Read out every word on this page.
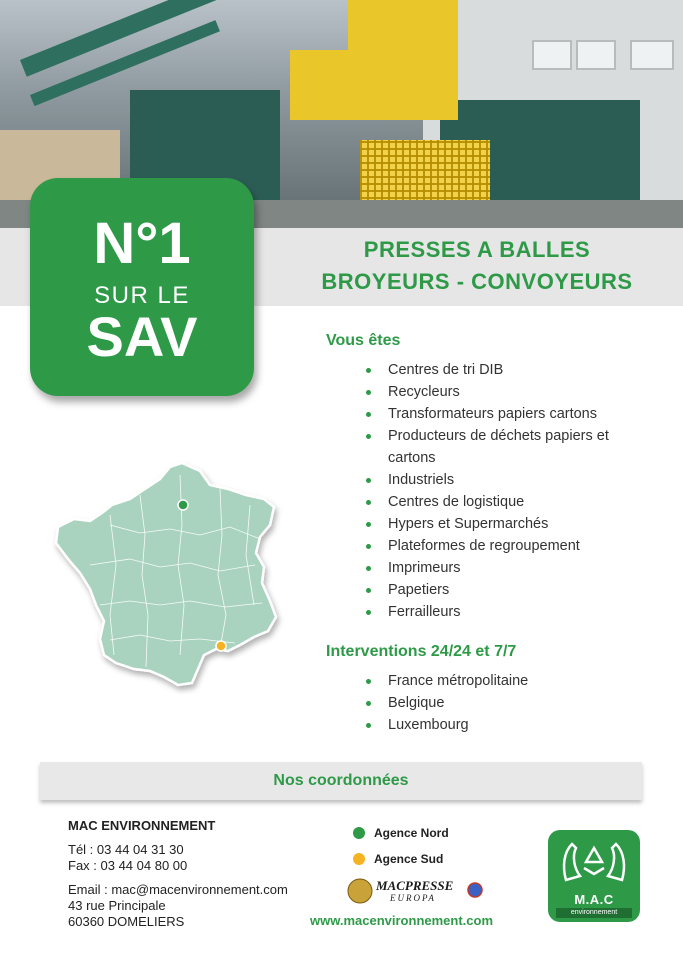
PRESSES A BALLES
BROYEURS - CONVOYEURS
N°1
SUR LE
SAV	Vous êtes
Centres de tri DIB
Recycleurs
Transformateurs papiers cartons
Producteurs de déchets papiers et cartons
Industriels
Centres de logistique
Hypers et Supermarchés
Plateformes de regroupement
Imprimeurs
Papetiers
Ferrailleurs
Interventions 24/24 et 7/7
France métropolitaine
Belgique
Luxembourg
Nos coordonnées
MAC ENVIRONNEMENT
Tél : 03 44 04 31 30
Fax : 03 44 04 80 00
Email : mac@macenvironnement.com
43 rue Principale
60360 DOMELIERS
Agence Nord
Agence Sud
MACPRESSE
EUROPA
www.macenvironnement.com
M.A.C
environnement
